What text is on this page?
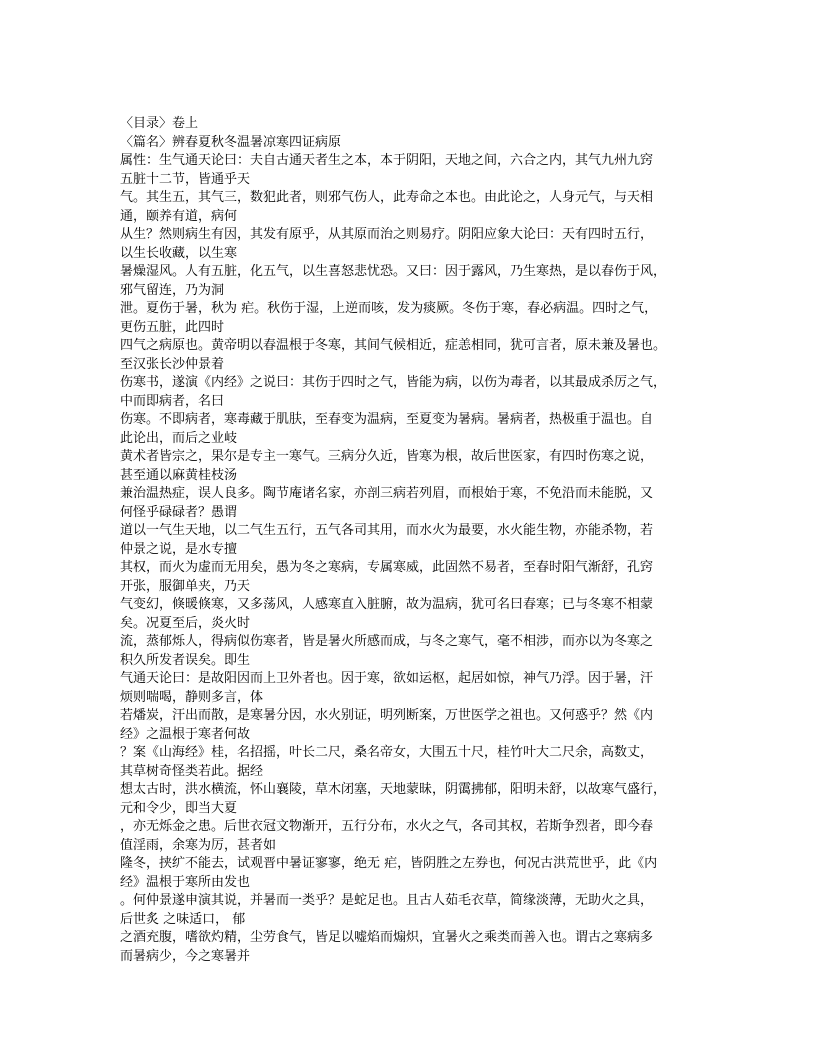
〈目录〉卷上

〈篇名〉辨春夏秋冬温暑凉寒四证病原

属性：生气通天论曰：夫自古通天者生之本，本于阴阳，天地之间，六合之内，其气九州九窍

五脏十二节，皆通乎天

气。其生五，其气三，数犯此者，则邪气伤人，此寿命之本也。由此论之，人身元气，与天相

通，颐养有道，病何

从生？然则病生有因，其发有原乎，从其原而治之则易疗。阴阳应象大论曰：天有四时五行，

以生长收藏，以生寒

暑燥湿风。人有五脏，化五气，以生喜怒悲忧恐。又曰：因于露风，乃生寒热，是以春伤于风，

邪气留连，乃为洞

泄。夏伤于暑，秋为 疟。秋伤于湿，上逆而咳，发为痰厥。冬伤于寒，春必病温。四时之气，

更伤五脏，此四时

四气之病原也。黄帝明以春温根于冬寒，其间气候相近，症恙相同，犹可言者，原未兼及暑也。

至汉张长沙仲景着

伤寒书，遂演《内经》之说曰：其伤于四时之气，皆能为病，以伤为毒者，以其最成杀厉之气，

中而即病者，名曰

伤寒。不即病者，寒毒藏于肌肤，至春变为温病，至夏变为暑病。暑病者，热极重于温也。自

此论出，而后之业岐

黄术者皆宗之，果尔是专主一寒气。三病分久近，皆寒为根，故后世医家，有四时伤寒之说，

甚至通以麻黄桂枝汤

兼治温热症，误人良多。陶节庵诸名家，亦剖三病若列眉，而根始于寒，不免沿而未能脱，又

何怪乎碌碌者？愚谓

道以一气生天地，以二气生五行，五气各司其用，而水火为最要，水火能生物，亦能杀物，若

仲景之说，是水专擅

其权，而火为虚而无用矣，愚为冬之寒病，专属寒威，此固然不易者，至春时阳气渐舒，孔窍

开张，服御单夹，乃天

气变幻，倏暖倏寒，又多荡风，人感寒直入脏腑，故为温病，犹可名曰春寒；已与冬寒不相蒙

矣。况夏至后，炎火时

流，蒸郁烁人，得病似伤寒者，皆是暑火所感而成，与冬之寒气，毫不相涉，而亦以为冬寒之

积久所发者误矣。即生

气通天论曰：是故阳因而上卫外者也。因于寒，欲如运枢，起居如惊，神气乃浮。因于暑，汗

烦则喘喝，静则多言，体

若燔炭，汗出而散，是寒暑分因，水火别证，明列断案，万世医学之祖也。又何惑乎？然《内

经》之温根于寒者何故

？案《山海经》桂，名招摇，叶长二尺，桑名帝女，大围五十尺，桂竹叶大二尺余，高数丈，

其草树奇怪类若此。据经

想太古时，洪水横流，怀山襄陵，草木闭塞，天地蒙昧，阴霭拂郁，阳明未舒，以故寒气盛行，

元和令少，即当大夏

，亦无烁金之患。后世衣冠文物渐开，五行分布，水火之气，各司其权，若斯争烈者，即今春

值淫雨，余寒为厉，甚者如

隆冬，挟纩不能去，试观晋中暑证寥寥，绝无 疟，皆阴胜之左券也，何况古洪荒世乎，此《内

经》温根于寒所由发也

。何仲景遂申演其说，并暑而一类乎？是蛇足也。且古人茹毛衣草，简缘淡薄，无助火之具，

后世炙 之味适口， 郁

之酒充腹，嗜欲灼精，尘劳食气，皆足以嘘焰而煽炽，宜暑火之乘类而善入也。谓古之寒病多

而暑病少，今之寒暑并
